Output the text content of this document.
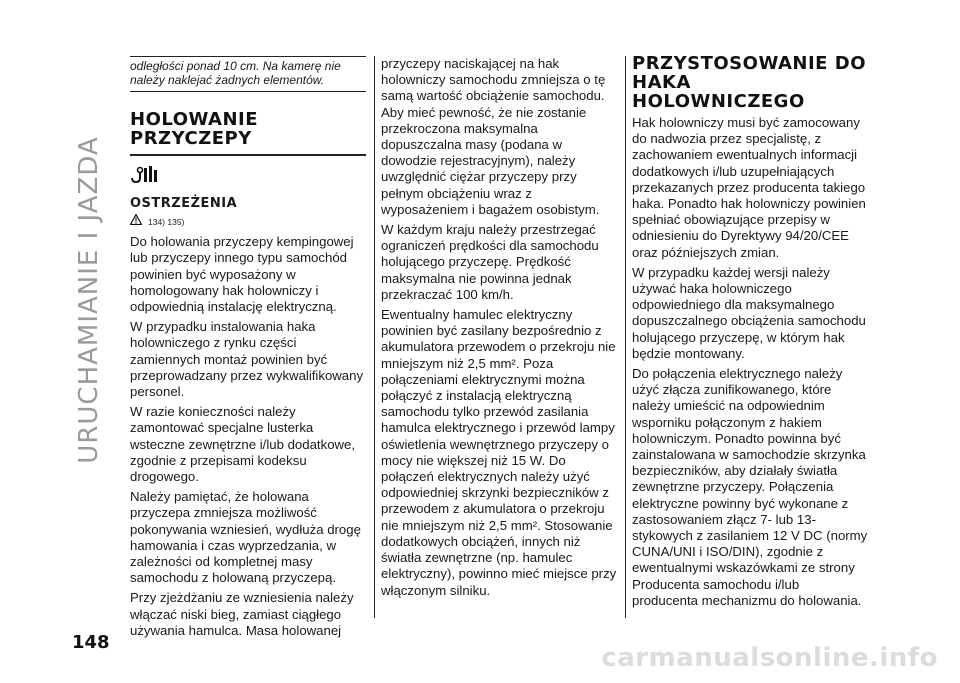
URUCHAMIANIE I JAZDA
odległości ponad 10 cm. Na kamerę nie należy naklejać żadnych elementów.
HOLOWANIE PRZYCZEPY
OSTRZEŻENIA
134) 135)

Do holowania przyczepy kempingowej lub przyczepy innego typu samochód powinien być wyposażony w homologowany hak holowniczy i odpowiednią instalację elektryczną.

W przypadku instalowania haka holowniczego z rynku części zamiennych montaż powinien być przeprowadzany przez wykwalifikowany personel.

W razie konieczności należy zamontować specjalne lusterka wsteczne zewnętrzne i/lub dodatkowe, zgodnie z przepisami kodeksu drogowego.

Należy pamiętać, że holowana przyczepa zmniejsza możliwość pokonywania wzniesień, wydłuża drogę hamowania i czas wyprzedzania, w zależności od kompletnej masy samochodu z holowaną przyczepą.

Przy zjeżdżaniu ze wzniesienia należy włączać niski bieg, zamiast ciągłego używania hamulca. Masa holowanej

przyczepy naciskającej na hak holowniczy samochodu zmniejsza o tę samą wartość obciążenie samochodu. Aby mieć pewność, że nie zostanie przekroczona maksymalna dopuszczalna masy (podana w dowodzie rejestracyjnym), należy uwzględnić ciężar przyczepy przy pełnym obciążeniu wraz z wyposażeniem i bagażem osobistym.

W każdym kraju należy przestrzegać ograniczeń prędkości dla samochodu holującego przyczepę. Prędkość maksymalna nie powinna jednak przekraczać 100 km/h.

Ewentualny hamulec elektryczny powinien być zasilany bezpośrednio z akumulatora przewodem o przekroju nie mniejszym niż 2,5 mm². Poza połączeniami elektrycznymi można połączyć z instalacją elektryczną samochodu tylko przewód zasilania hamulca elektrycznego i przewód lampy oświetlenia wewnętrznego przyczepy o mocy nie większej niż 15 W. Do połączeń elektrycznych należy użyć odpowiedniej skrzynki bezpieczników z przewodem z akumulatora o przekroju nie mniejszym niż 2,5 mm². Stosowanie dodatkowych obciążeń, innych niż światła zewnętrzne (np. hamulec elektryczny), powinno mieć miejsce przy włączonym silniku.

PRZYSTOSOWANIE DO HAKA HOLOWNICZEGO

Hak holowniczy musi być zamocowany do nadwozia przez specjalistę, z zachowaniem ewentualnych informacji dodatkowych i/lub uzupełniających przekazanych przez producenta takiego haka. Ponadto hak holowniczy powinien spełniać obowiązujące przepisy w odniesieniu do Dyrektywy 94/20/CEE oraz późniejszych zmian.

W przypadku każdej wersji należy używać haka holowniczego odpowiedniego dla maksymalnego dopuszczalnego obciążenia samochodu holującego przyczepę, w którym hak będzie montowany.

Do połączenia elektrycznego należy użyć złącza zunifikowanego, które należy umieścić na odpowiednim wsporniku połączonym z hakiem holowniczym. Ponadto powinna być zainstalowana w samochodzie skrzynka bezpieczników, aby działały światła zewnętrzne przyczepy. Połączenia elektryczne powinny być wykonane z zastosowaniem złącz 7- lub 13-stykowych z zasilaniem 12 V DC (normy CUNA/UNI i ISO/DIN), zgodnie z ewentualnymi wskazówkami ze strony Producenta samochodu i/lub producenta mechanizmu do holowania.

148
carmanualsonline.info
